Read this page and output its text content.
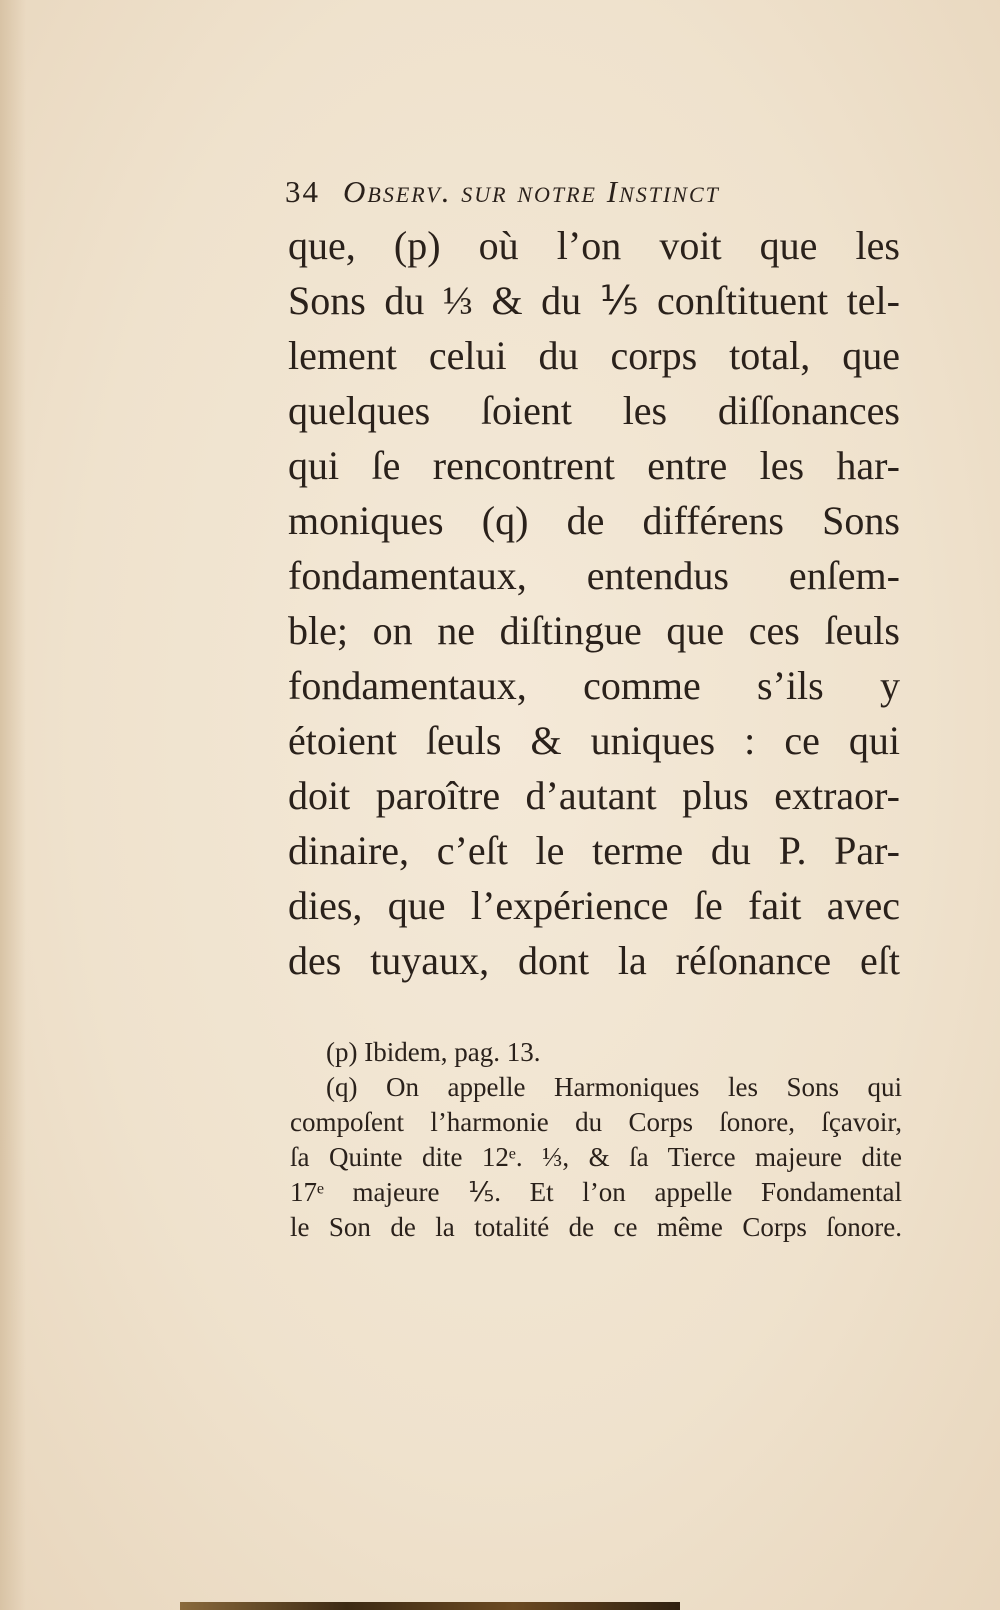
34 Observ. sur notre Instinct
que, (p) où l’on voit que les
Sons du ⅓ & du ⅕ conſtituent tel-
lement celui du corps total, que
quelques ſoient les diſſonances
qui ſe rencontrent entre les har-
moniques (q) de différens Sons
fondamentaux, entendus enſem-
ble; on ne diſtingue que ces ſeuls
fondamentaux, comme s’ils y
étoient ſeuls & uniques : ce qui
doit paroître d’autant plus extraor-
dinaire, c’eſt le terme du P. Par-
dies, que l’expérience ſe fait avec
des tuyaux, dont la réſonance eſt
(p) Ibidem, pag. 13.
(q) On appelle Harmoniques les Sons qui
compoſent l’harmonie du Corps ſonore, ſçavoir,
ſa Quinte dite 12ᵉ. ⅓, & ſa Tierce majeure dite
17ᵉ majeure ⅕. Et l’on appelle Fondamental
le Son de la totalité de ce même Corps ſonore.
